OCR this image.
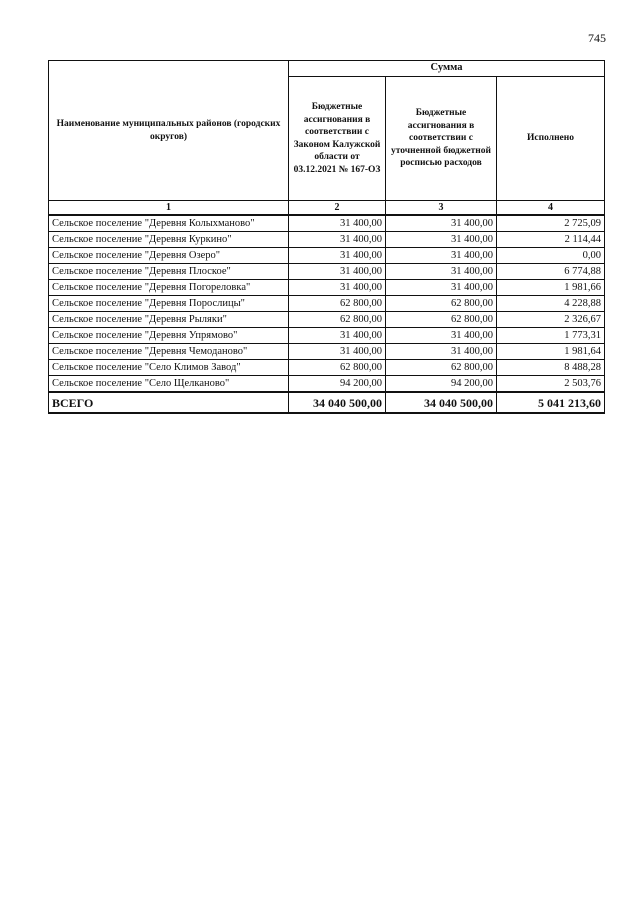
745
Наименование муниципальных районов (городских округов)	Сумма		
	Бюджетные ассигнования в соответствии с Законом Калужской области от 03.12.2021 № 167-ОЗ	Бюджетные ассигнования в соответствии с уточненной бюджетной росписью расходов	Исполнено
1	2	3	4
Сельское поселение "Деревня Колыхманово"	31 400,00	31 400,00	2 725,09
Сельское поселение "Деревня Куркино"	31 400,00	31 400,00	2 114,44
Сельское поселение "Деревня Озеро"	31 400,00	31 400,00	0,00
Сельское поселение "Деревня Плоское"	31 400,00	31 400,00	6 774,88
Сельское поселение "Деревня Погореловка"	31 400,00	31 400,00	1 981,66
Сельское поселение "Деревня Порослицы"	62 800,00	62 800,00	4 228,88
Сельское поселение "Деревня Рыляки"	62 800,00	62 800,00	2 326,67
Сельское поселение "Деревня Упрямово"	31 400,00	31 400,00	1 773,31
Сельское поселение "Деревня Чемоданово"	31 400,00	31 400,00	1 981,64
Сельское поселение "Село Климов Завод"	62 800,00	62 800,00	8 488,28
Сельское поселение "Село Щелканово"	94 200,00	94 200,00	2 503,76
ВСЕГО	34 040 500,00	34 040 500,00	5 041 213,60
